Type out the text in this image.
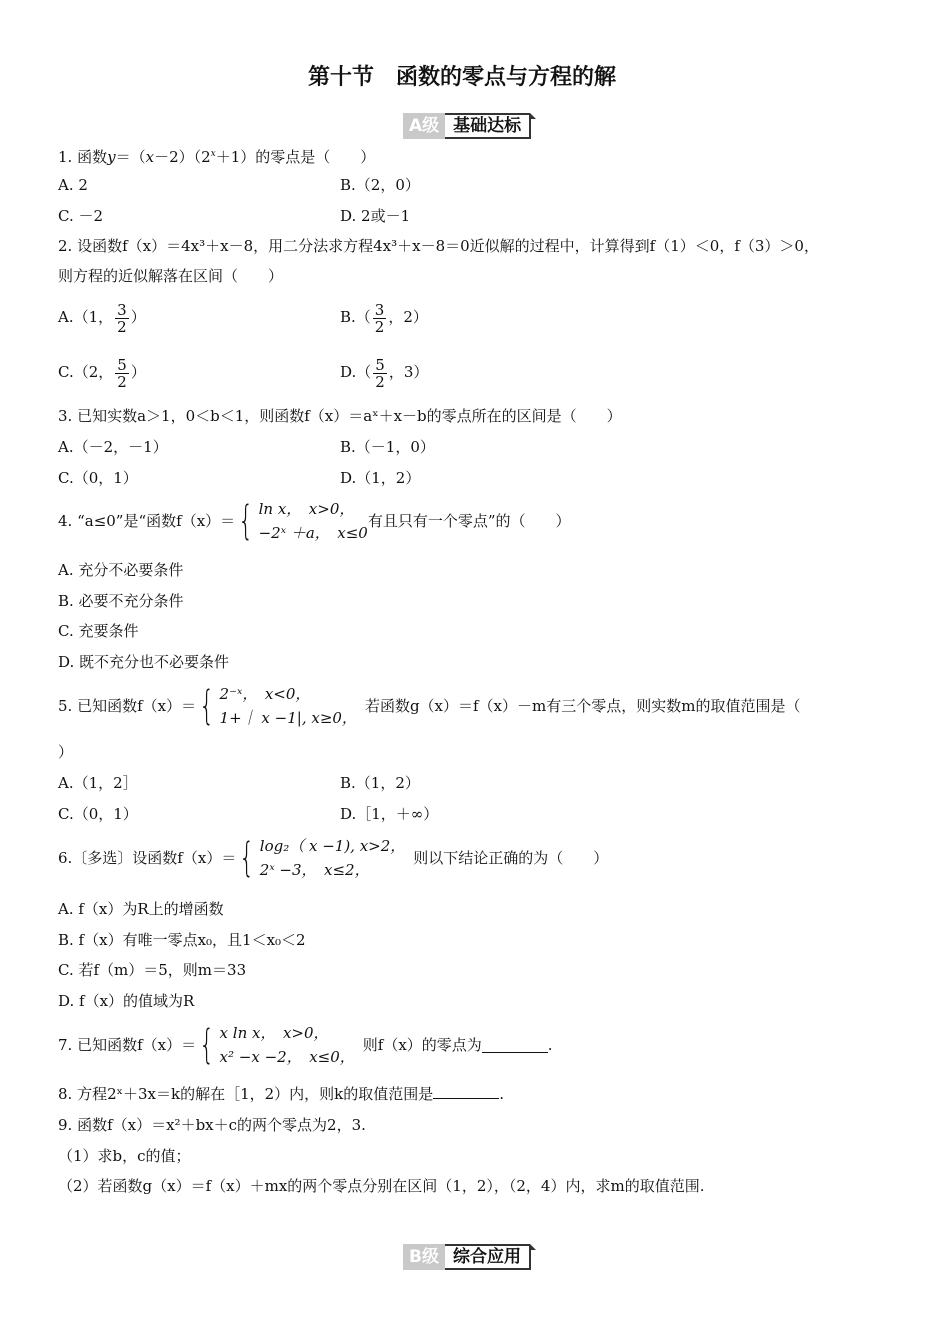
第十节　函数的零点与方程的解
A级 基础达标
1. 函数$y=(x-2)(2^x+1)$的零点是（　　）
A. 2	B.（2，0）
C. －2	D. 2或－1
2. 设函数f（x）＝4x³＋x－8，用二分法求方程4x³＋x－8＝0近似解的过程中，计算得到f（1）＜0，f（3）＞0，
则方程的近似解落在区间（　　）
A.（1， $\frac{3}{2}$ ）	$B.( \frac{3}{2}$ ，2）
C.（2， $\frac{5}{2}$ ）	$D.( \frac{5}{2}$ ，3）
3. 已知实数a＞1，0＜b＜1，则函数f（x）＝aˣ＋x－b的零点所在的区间是（　　）
A.（－2，－1）	B.（－1，0）
C.（0，1）	D.（1，2）
4. “a≤0”是“函数f（x）＝ { ln x，　x>0，
−2ˣ ＋a，　x≤0
有且只有一个零点”的（　　）
A. 充分不必要条件
B. 必要不充分条件
C. 充要条件
D. 既不充分也不必要条件
5. 已知函数f（x）＝ { 2⁻ˣ，　x<0，
1+｜ x −1|, x≥0，
若函数g（x）＝f（x）－m有三个零点，则实数m的取值范围是（
）
A.（1，2］	B.（1，2）
C.（0，1）	D.［1，＋∞）
6.〔多选〕设函数f（x）＝ { log₂（ x −1), x>2，
2ˣ −3，　x≤2，
则以下结论正确的为（　　）
A. f（x）为R上的增函数
B. f（x）有唯一零点x₀，且1＜x₀＜2
C. 若f（m）＝5，则m＝33
D. f（x）的值域为R
7. 已知函数f（x）＝ { x ln x，　x>0，
x² −x −2，　x≤0，
则f（x）的零点为	.
8. 方程2ˣ＋3x＝k的解在［1，2）内，则k的取值范围是	.
9. 函数f（x）＝x²＋bx＋c的两个零点为2，3.
（1）求b，c的值；
（2）若函数g（x）＝f（x）＋mx的两个零点分别在区间（1，2），（2，4）内，求m的取值范围.
B级 综合应用
